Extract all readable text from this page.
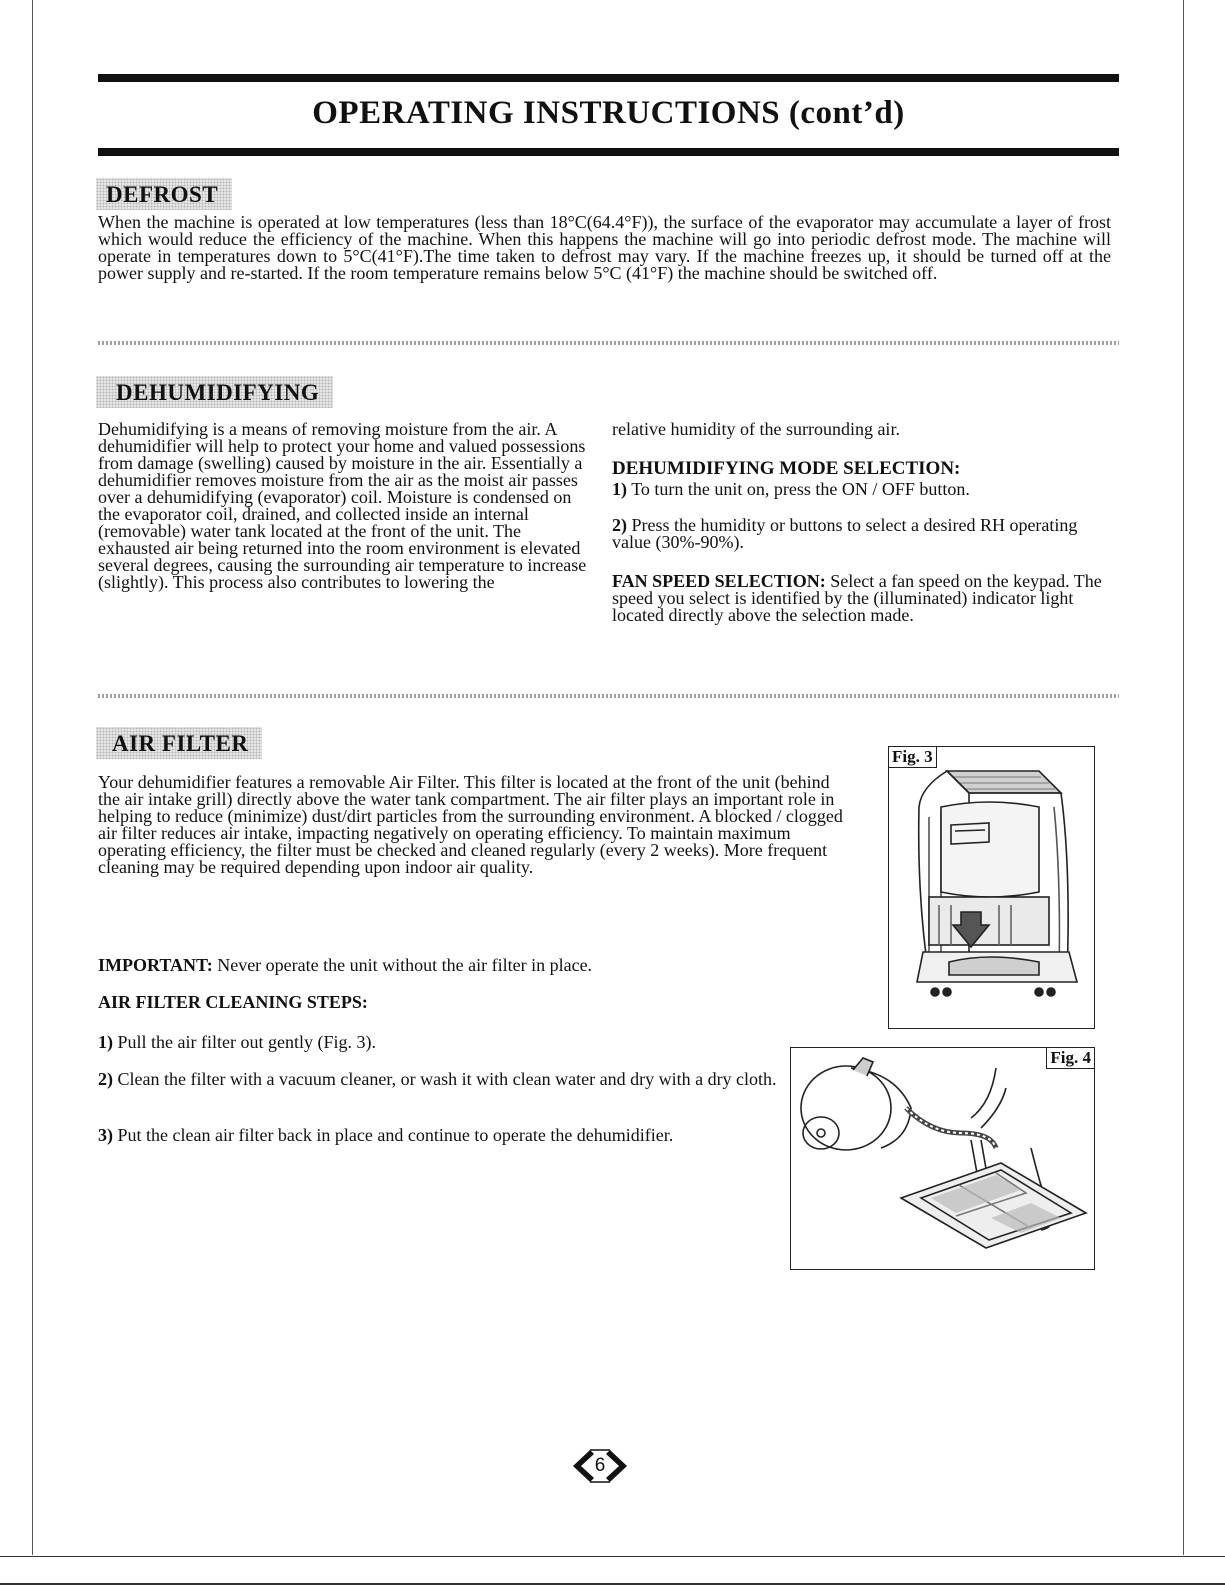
OPERATING INSTRUCTIONS (cont’d)
DEFROST

When the machine is operated at low temperatures (less than 18°C(64.4°F)), the surface of the evaporator may accumulate a layer of frost which would reduce the efficiency of the machine. When this happens the machine will go into periodic defrost mode. The machine will operate in temperatures down to 5°C(41°F).The time taken to defrost may vary. If the machine freezes up, it should be turned off at the power supply and re-started. If the room temperature remains below 5°C (41°F) the machine should be switched off.

DEHUMIDIFYING

Dehumidifying is a means of removing moisture from the air. A dehumidifier will help to protect your home and valued possessions from damage (swelling) caused by moisture in the air. Essentially a dehumidifier removes moisture from the air as the moist air passes over a dehumidifying (evaporator) coil. Moisture is condensed on the evaporator coil, drained, and collected inside an internal (removable) water tank located at the front of the unit. The exhausted air being returned into the room environment is elevated several degrees, causing the surrounding air temperature to increase (slightly). This process also contributes to lowering the

relative humidity of the surrounding air.

DEHUMIDIFYING MODE SELECTION:

1) To turn the unit on, press the ON / OFF button.

2) Press the humidity or buttons to select a desired RH operating value (30%-90%).

FAN SPEED SELECTION: Select a fan speed on the keypad. The speed you select is identified by the (illuminated) indicator light located directly above the selection made.

AIR FILTER

Your dehumidifier features a removable Air Filter. This filter is located at the front of the unit (behind the air intake grill) directly above the water tank compartment. The air filter plays an important role in helping to reduce (minimize) dust/dirt particles from the surrounding environment. A blocked / clogged air filter reduces air intake, impacting negatively on operating efficiency. To maintain maximum operating efficiency, the filter must be checked and cleaned regularly (every 2 weeks). More frequent cleaning may be required depending upon indoor air quality.

IMPORTANT: Never operate the unit without the air filter in place.

AIR FILTER CLEANING STEPS:

1) Pull the air filter out gently (Fig. 3).

2) Clean the filter with a vacuum cleaner, or wash it with clean water and dry with a dry cloth.

3) Put the clean air filter back in place and continue to operate the dehumidifier.

Fig. 3
Fig. 4
6
